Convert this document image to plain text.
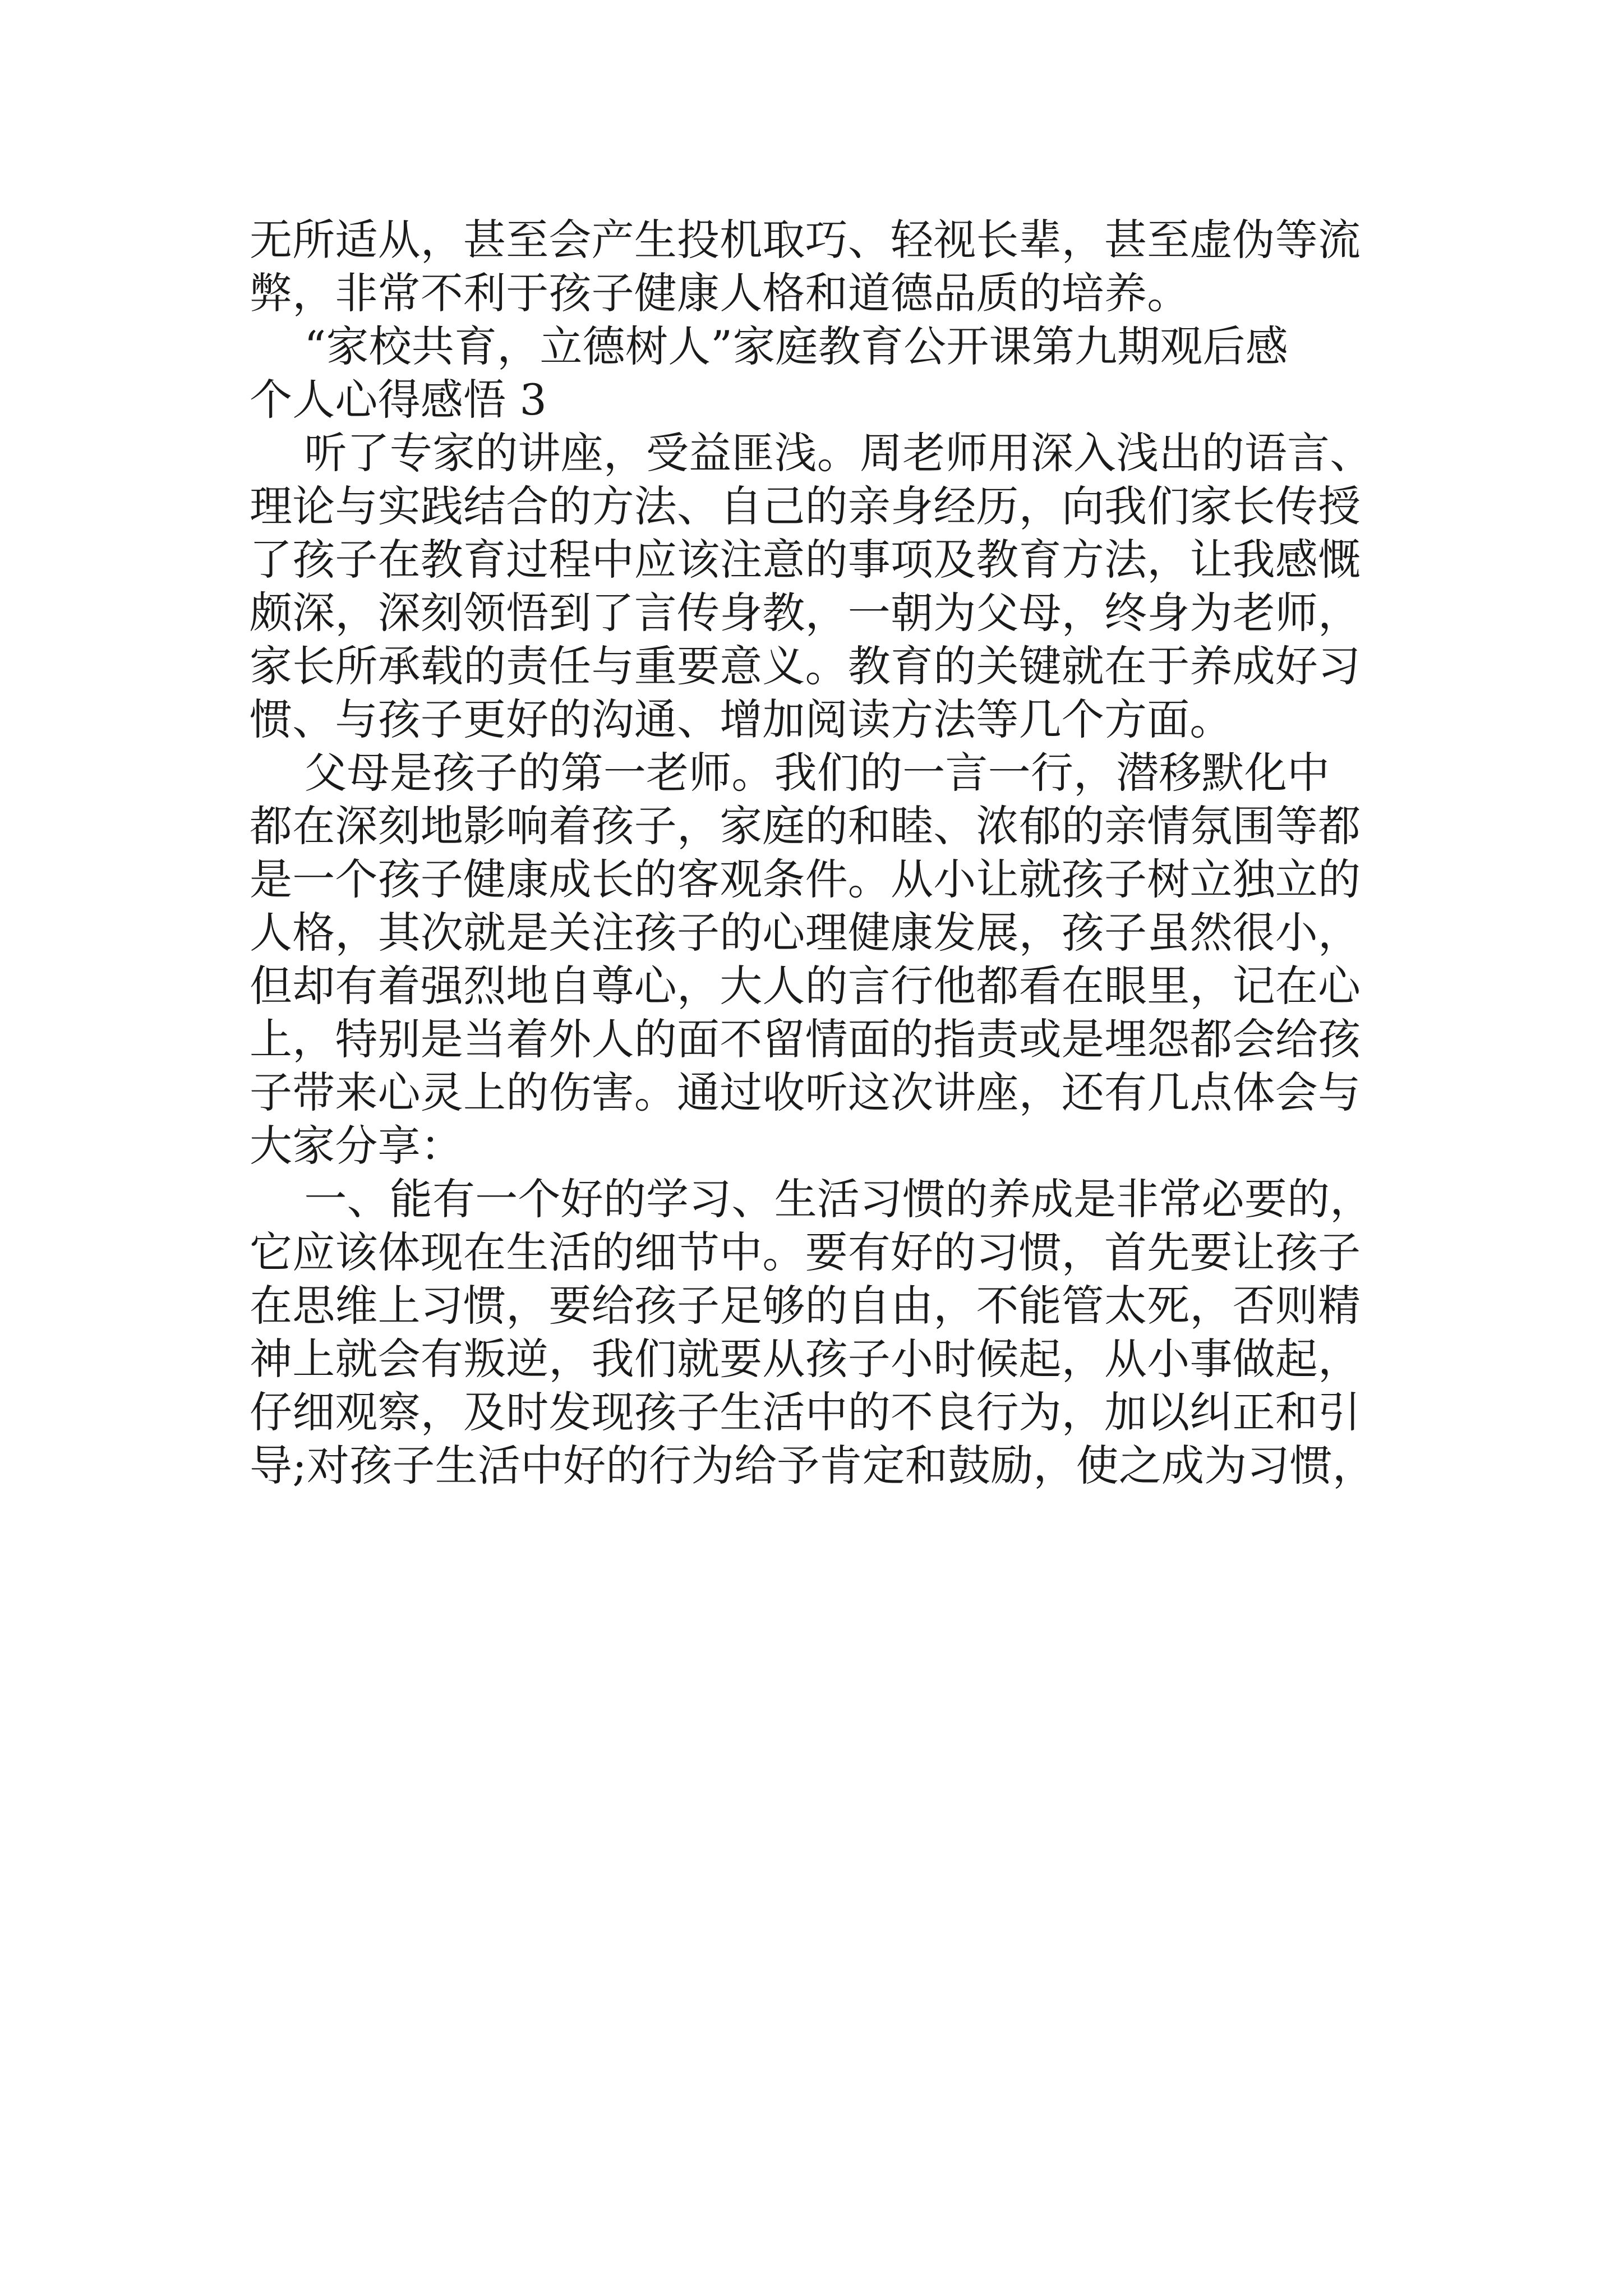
无所适从，甚至会产生投机取巧、轻视长辈，甚至虚伪等流
弊，非常不利于孩子健康人格和道德品质的培养。
“家校共育，立德树人”家庭教育公开课第九期观后感
个人心得感悟 3
听了专家的讲座，受益匪浅。周老师用深入浅出的语言、
理论与实践结合的方法、自己的亲身经历，向我们家长传授
了孩子在教育过程中应该注意的事项及教育方法，让我感慨
颇深，深刻领悟到了言传身教，一朝为父母，终身为老师，
家长所承载的责任与重要意义。教育的关键就在于养成好习
惯、与孩子更好的沟通、增加阅读方法等几个方面。
父母是孩子的第一老师。我们的一言一行，潜移默化中
都在深刻地影响着孩子，家庭的和睦、浓郁的亲情氛围等都
是一个孩子健康成长的客观条件。从小让就孩子树立独立的
人格，其次就是关注孩子的心理健康发展，孩子虽然很小，
但却有着强烈地自尊心，大人的言行他都看在眼里，记在心
上，特别是当着外人的面不留情面的指责或是埋怨都会给孩
子带来心灵上的伤害。通过收听这次讲座，还有几点体会与
大家分享：
一、能有一个好的学习、生活习惯的养成是非常必要的，
它应该体现在生活的细节中。要有好的习惯，首先要让孩子
在思维上习惯，要给孩子足够的自由，不能管太死，否则精
神上就会有叛逆，我们就要从孩子小时候起，从小事做起，
仔细观察，及时发现孩子生活中的不良行为，加以纠正和引
导;对孩子生活中好的行为给予肯定和鼓励，使之成为习惯，
